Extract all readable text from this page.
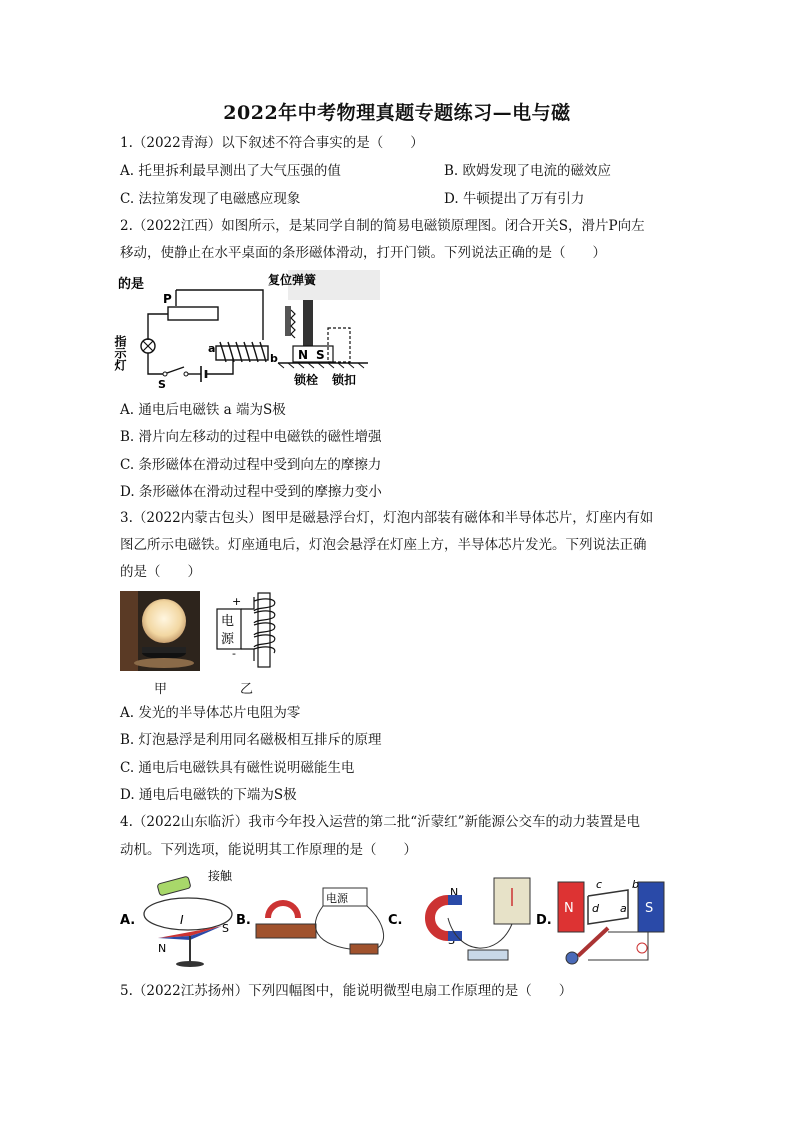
2022年中考物理真题专题练习—电与磁
1.（2022青海）以下叙述不符合事实的是（　　）
A. 托里拆利最早测出了大气压强的值	B. 欧姆发现了电流的磁效应
C. 法拉第发现了电磁感应现象	D. 牛顿提出了万有引力
2.（2022江西）如图所示，是某同学自制的简易电磁锁原理图。闭合开关S，滑片P向左
移动，使静止在水平桌面的条形磁体滑动，打开门锁。下列说法正确的是（　　）
的是
P
指示灯
S
a
b
复位弹簧
N S
锁栓 锁扣
A. 通电后电磁铁 a 端为S极
B. 滑片向左移动的过程中电磁铁的磁性增强
C. 条形磁体在滑动过程中受到向左的摩擦力
D. 条形磁体在滑动过程中受到的摩擦力变小
3.（2022内蒙古包头）图甲是磁悬浮台灯，灯泡内部装有磁体和半导体芯片，灯座内有如
图乙所示电磁铁。灯座通电后，灯泡会悬浮在灯座上方，半导体芯片发光。下列说法正确
的是（　　）
甲
电
源
+
-
乙
A. 发光的半导体芯片电阻为零
B. 灯泡悬浮是利用同名磁极相互排斥的原理
C. 通电后电磁铁具有磁性说明磁能生电
D. 通电后电磁铁的下端为S极
4.（2022山东临沂）我市今年投入运营的第二批“沂蒙红”新能源公交车的动力装置是电
动机。下列选项，能说明其工作原理的是（　　）
A.
接触
I
N
S
B.
电源
C.
N
D.
N	S
c	b
d a
5.（2022江苏扬州）下列四幅图中，能说明微型电扇工作原理的是（　　）
